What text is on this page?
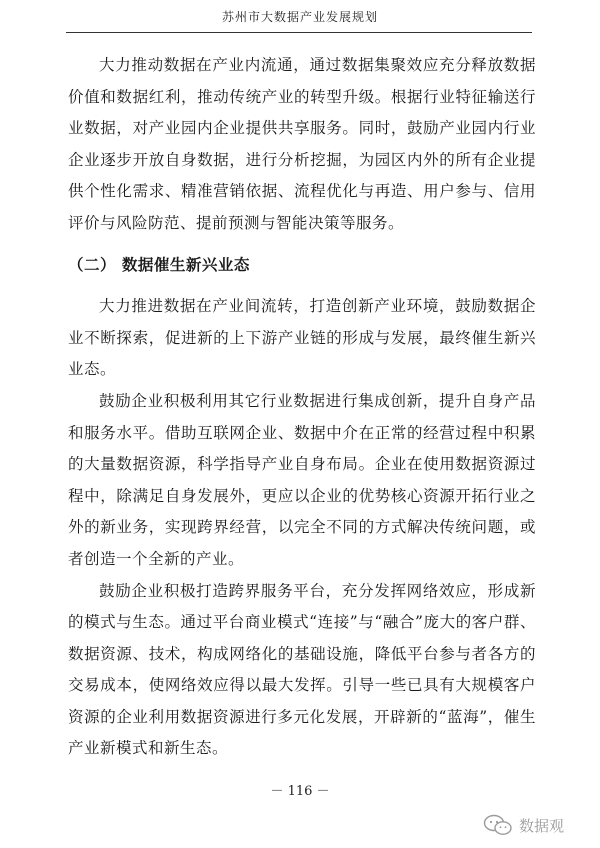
苏州市大数据产业发展规划

大力推动数据在产业内流通，通过数据集聚效应充分释放数据价值和数据红利，推动传统产业的转型升级。根据行业特征输送行业数据，对产业园内企业提供共享服务。同时，鼓励产业园内行业企业逐步开放自身数据，进行分析挖掘，为园区内外的所有企业提供个性化需求、精准营销依据、流程优化与再造、用户参与、信用评价与风险防范、提前预测与智能决策等服务。

（二） 数据催生新兴业态

大力推进数据在产业间流转，打造创新产业环境，鼓励数据企业不断探索，促进新的上下游产业链的形成与发展，最终催生新兴业态。

鼓励企业积极利用其它行业数据进行集成创新，提升自身产品和服务水平。借助互联网企业、数据中介在正常的经营过程中积累的大量数据资源，科学指导产业自身布局。企业在使用数据资源过程中，除满足自身发展外，更应以企业的优势核心资源开拓行业之外的新业务，实现跨界经营，以完全不同的方式解决传统问题，或者创造一个全新的产业。

鼓励企业积极打造跨界服务平台，充分发挥网络效应，形成新的模式与生态。通过平台商业模式“连接”与“融合”庞大的客户群、数据资源、技术，构成网络化的基础设施，降低平台参与者各方的交易成本，使网络效应得以最大发挥。引导一些已具有大规模客户资源的企业利用数据资源进行多元化发展，开辟新的“蓝海”，催生产业新模式和新生态。

－ 116 －
数据观
